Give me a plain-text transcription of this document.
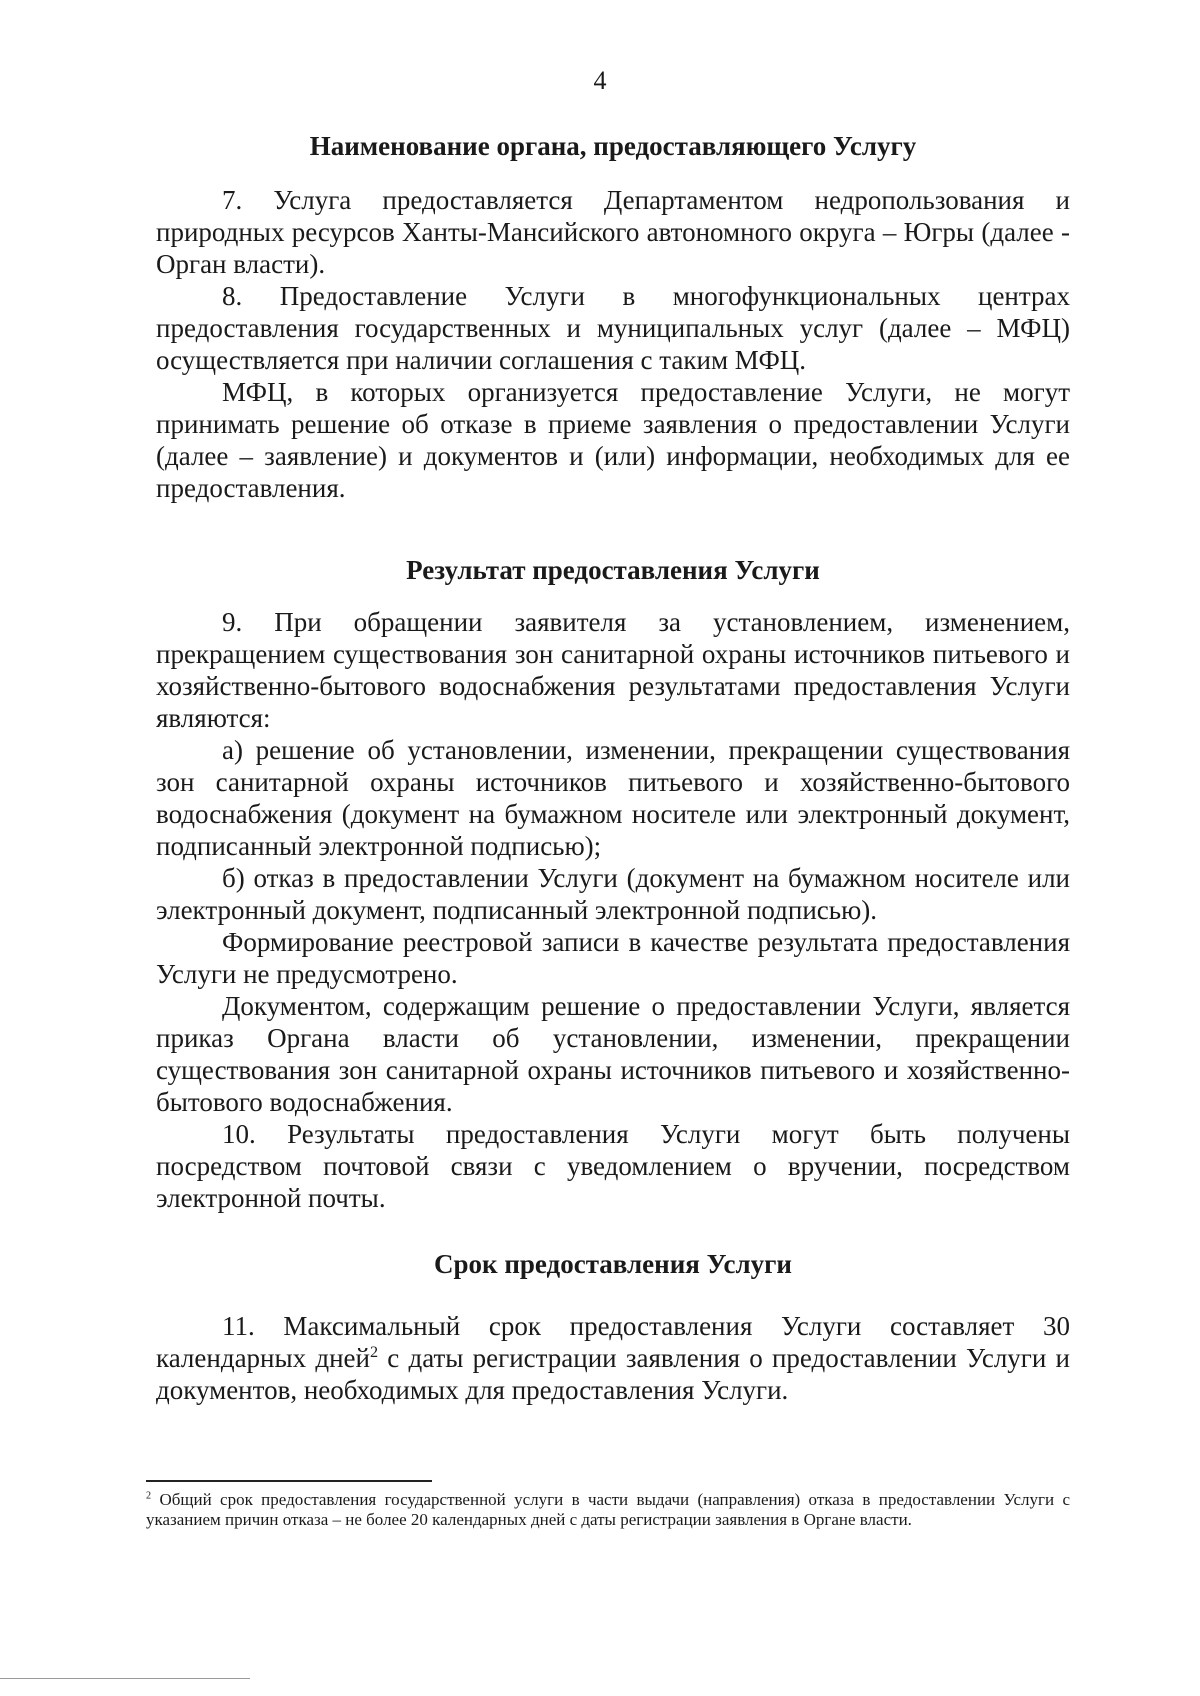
4
Наименование органа, предоставляющего Услугу

7. Услуга предоставляется Департаментом недропользования и природных ресурсов Ханты-Мансийского автономного округа – Югры (далее - Орган власти).

8. Предоставление Услуги в многофункциональных центрах предоставления государственных и муниципальных услуг (далее – МФЦ) осуществляется при наличии соглашения с таким МФЦ.

МФЦ, в которых организуется предоставление Услуги, не могут принимать решение об отказе в приеме заявления о предоставлении Услуги (далее – заявление) и документов и (или) информации, необходимых для ее предоставления.

Результат предоставления Услуги

9. При обращении заявителя за установлением, изменением, прекращением существования зон санитарной охраны источников питьевого и хозяйственно-бытового водоснабжения результатами предоставления Услуги являются:

а) решение об установлении, изменении, прекращении существования зон санитарной охраны источников питьевого и хозяйственно-бытового водоснабжения (документ на бумажном носителе или электронный документ, подписанный электронной подписью);

б) отказ в предоставлении Услуги (документ на бумажном носителе или электронный документ, подписанный электронной подписью).

Формирование реестровой записи в качестве результата предоставления Услуги не предусмотрено.

Документом, содержащим решение о предоставлении Услуги, является приказ Органа власти об установлении, изменении, прекращении существования зон санитарной охраны источников питьевого и хозяйственно-бытового водоснабжения.

10. Результаты предоставления Услуги могут быть получены посредством почтовой связи с уведомлением о вручении, посредством электронной почты.

Срок предоставления Услуги

11. Максимальный срок предоставления Услуги составляет 30 календарных дней$^2$ с даты регистрации заявления о предоставлении Услуги и документов, необходимых для предоставления Услуги.

$^2$ Общий срок предоставления государственной услуги в части выдачи (направления) отказа в предоставлении Услуги с указанием причин отказа – не более 20 календарных дней с даты регистрации заявления в Органе власти.
